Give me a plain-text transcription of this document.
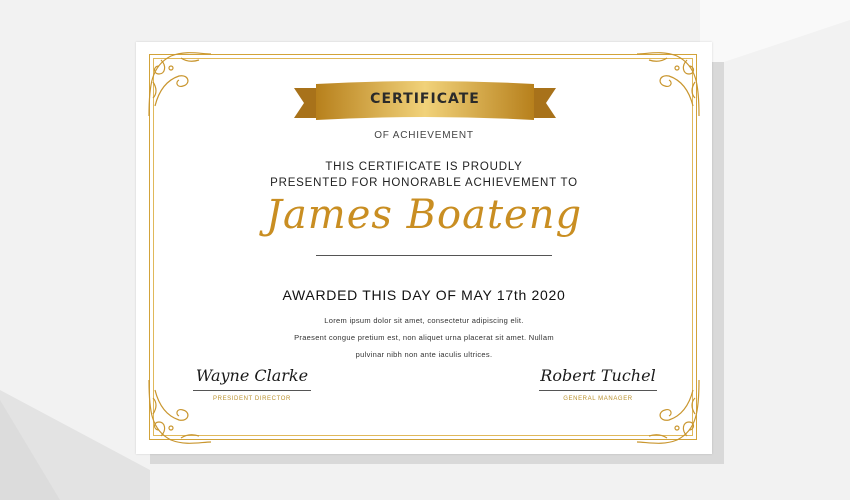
CERTIFICATE
OF ACHIEVEMENT
THIS CERTIFICATE IS PROUDLY
PRESENTED FOR HONORABLE ACHIEVEMENT TO
James Boateng
AWARDED THIS DAY OF MAY 17th 2020
Lorem ipsum dolor sit amet, consectetur adipiscing elit.
Praesent congue pretium est, non aliquet urna placerat sit amet. Nullam
pulvinar nibh non ante iaculis ultrices.
Wayne Clarke
PRESIDENT DIRECTOR
Robert Tuchel
GENERAL MANAGER
